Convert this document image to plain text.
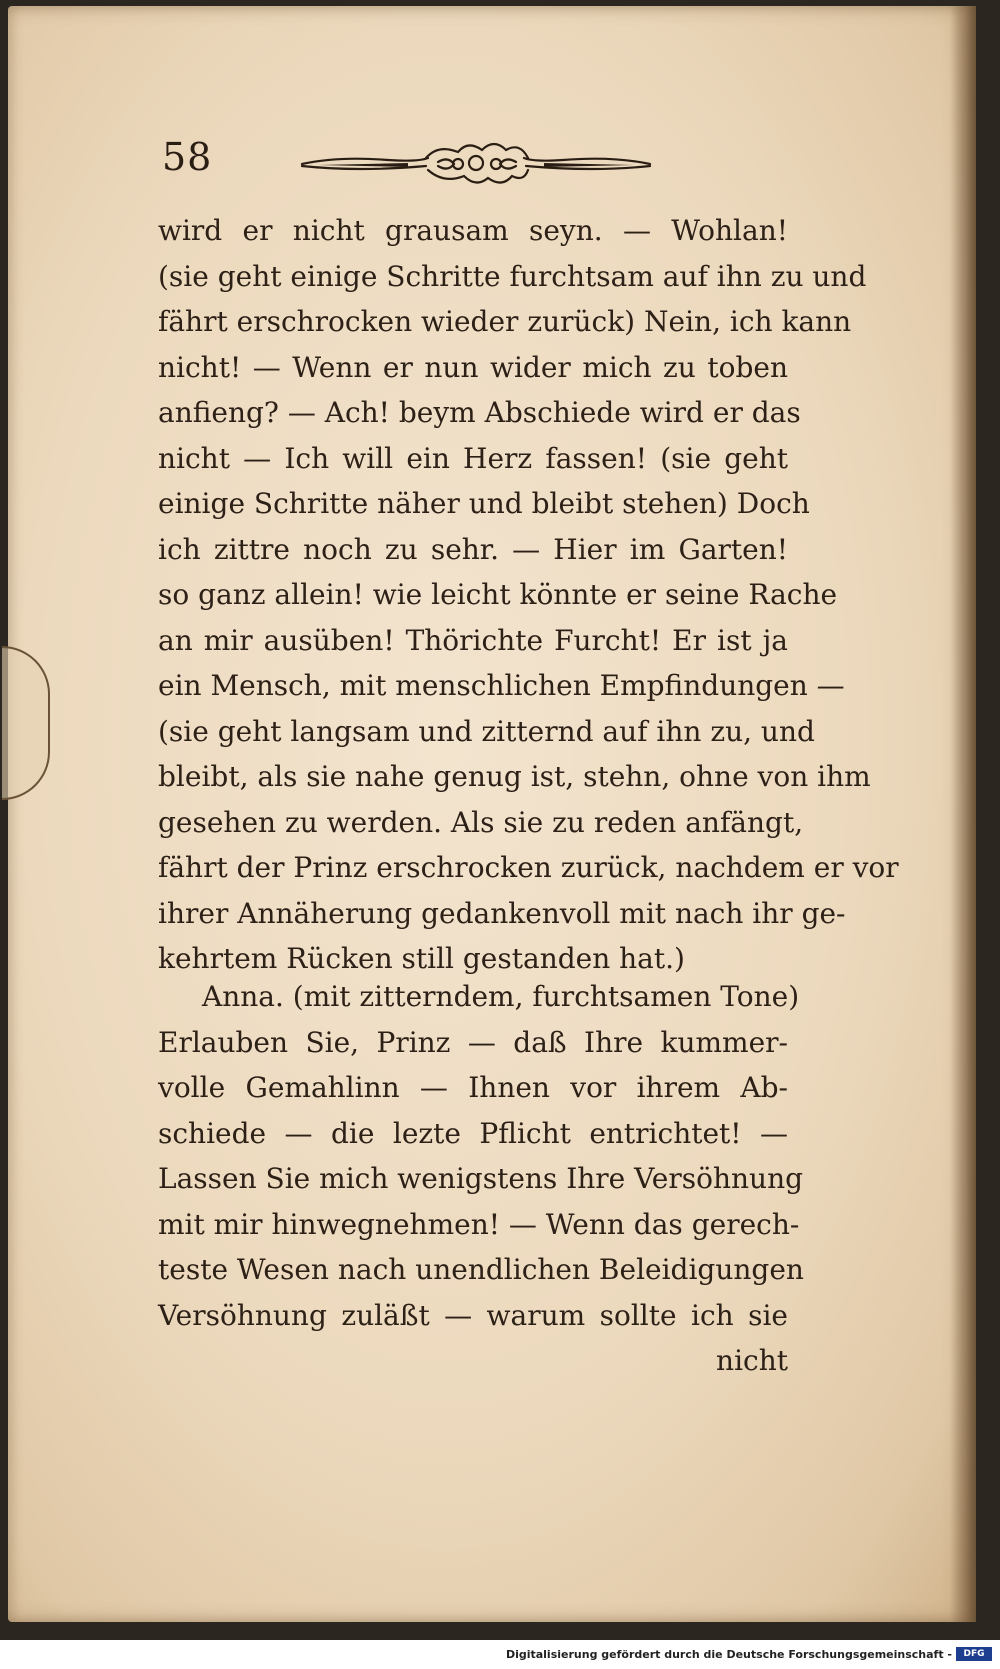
58
wird er nicht grausam seyn. — Wohlan!
(sie geht einige Schritte furchtsam auf ihn zu und
fährt erschrocken wieder zurück) Nein, ich kann
nicht! — Wenn er nun wider mich zu toben
anfieng? — Ach! beym Abschiede wird er das
nicht — Ich will ein Herz fassen! (sie geht
einige Schritte näher und bleibt stehen) Doch
ich zittre noch zu sehr. — Hier im Garten!
so ganz allein! wie leicht könnte er seine Rache
an mir ausüben! Thörichte Furcht! Er ist ja
ein Mensch, mit menschlichen Empfindungen —
(sie geht langsam und zitternd auf ihn zu, und
bleibt, als sie nahe genug ist, stehn, ohne von ihm
gesehen zu werden. Als sie zu reden anfängt,
fährt der Prinz erschrocken zurück, nachdem er vor
ihrer Annäherung gedankenvoll mit nach ihr ge-
kehrtem Rücken still gestanden hat.)
Anna. (mit zitterndem, furchtsamen Tone)
Erlauben Sie, Prinz — daß Ihre kummer-
volle Gemahlinn — Ihnen vor ihrem Ab-
schiede — die lezte Pflicht entrichtet! —
Lassen Sie mich wenigstens Ihre Versöhnung
mit mir hinwegnehmen! — Wenn das gerech-
teste Wesen nach unendlichen Beleidigungen
Versöhnung zuläßt — warum sollte ich sie
nicht
Digitalisierung gefördert durch die Deutsche Forschungsgemeinschaft -	DFG
